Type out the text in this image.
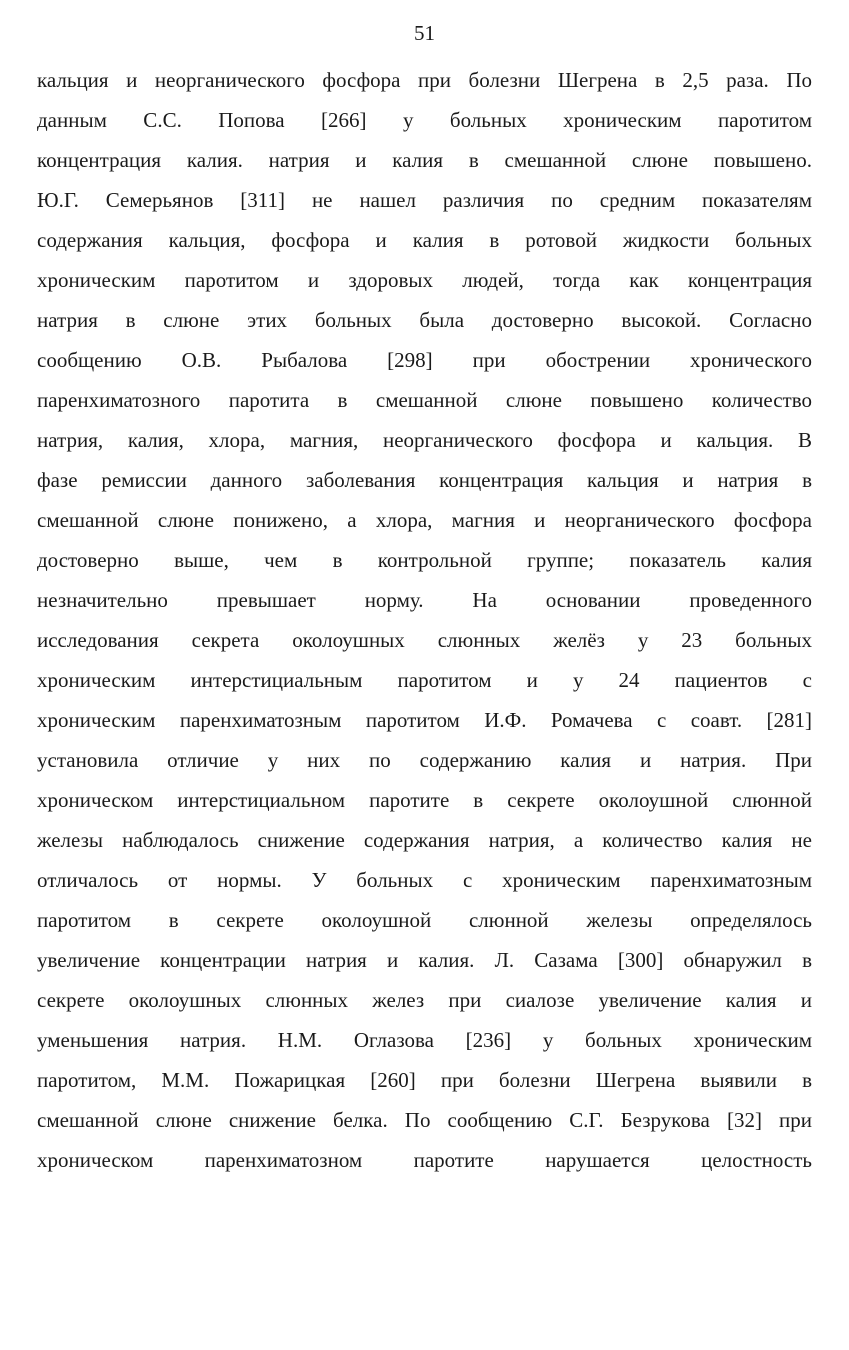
51
кальция и неорганического фосфора при болезни Шегрена в 2,5 раза. По
данным С.С. Попова [266] у больных хроническим паротитом
концентрация калия. натрия и калия в смешанной слюне повышено.
Ю.Г. Семерьянов [311] не нашел различия по средним показателям
содержания кальция, фосфора и калия в ротовой жидкости больных
хроническим паротитом и здоровых людей, тогда как концентрация
натрия в слюне этих больных была достоверно высокой. Согласно
сообщению О.В. Рыбалова [298] при обострении хронического
паренхиматозного паротита в смешанной слюне повышено количество
натрия, калия, хлора, магния, неорганического фосфора и кальция. В
фазе ремиссии данного заболевания концентрация кальция и натрия в
смешанной слюне понижено, а хлора, магния и неорганического фосфора
достоверно выше, чем в контрольной группе; показатель калия
незначительно превышает норму. На основании проведенного
исследования секрета околоушных слюнных желёз у 23 больных
хроническим интерстициальным паротитом и у 24 пациентов с
хроническим паренхиматозным паротитом И.Ф. Ромачева с соавт. [281]
установила отличие у них по содержанию калия и натрия. При
хроническом интерстициальном паротите в секрете околоушной слюнной
железы наблюдалось снижение содержания натрия, а количество калия не
отличалось от нормы. У больных с хроническим паренхиматозным
паротитом в секрете околоушной слюнной железы определялось
увеличение концентрации натрия и калия. Л. Сазама [300] обнаружил в
секрете околоушных слюнных желез при сиалозе увеличение калия и
уменьшения натрия. Н.М. Оглазова [236] у больных хроническим
паротитом, М.М. Пожарицкая [260] при болезни Шегрена выявили в
смешанной слюне снижение белка. По сообщению С.Г. Безрукова [32] при
хроническом паренхиматозном паротите нарушается целостность
